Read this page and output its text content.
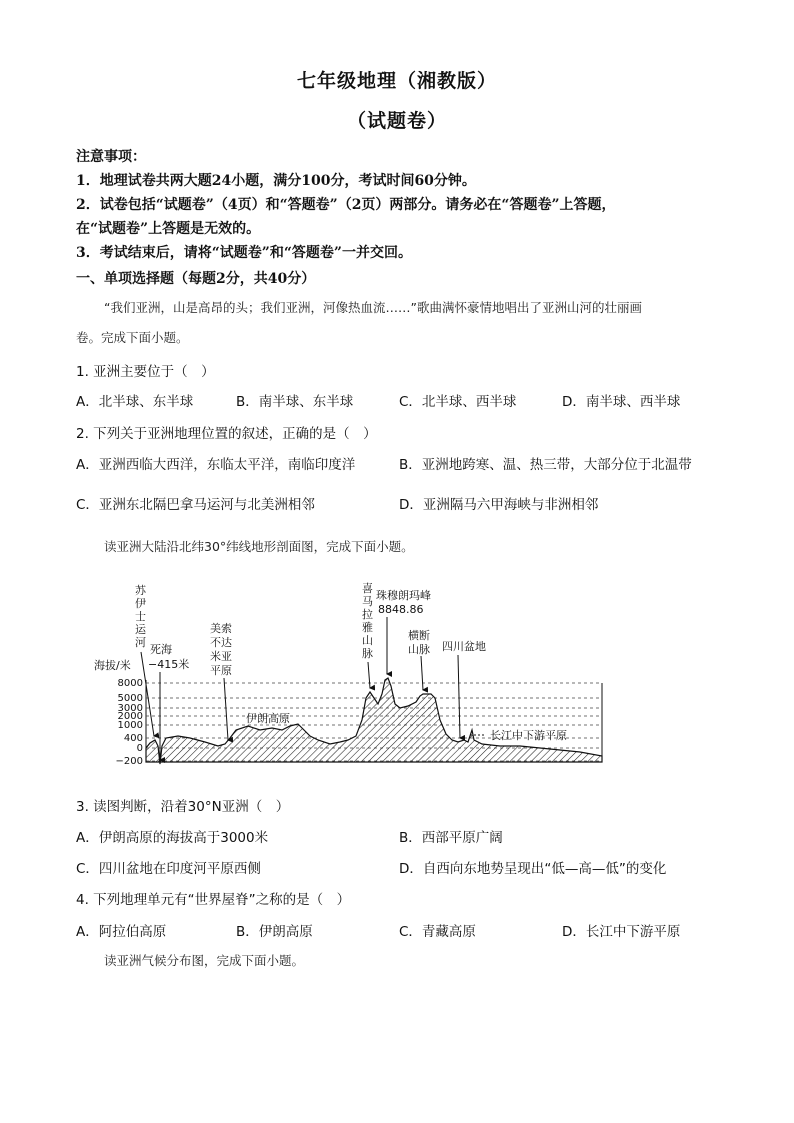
七年级地理（湘教版）
（试题卷）
注意事项：
1．地理试卷共两大题24小题，满分100分，考试时间60分钟。
2．试卷包括“试题卷”（4页）和“答题卷”（2页）两部分。请务必在“答题卷”上答题，
在“试题卷”上答题是无效的。
3．考试结束后，请将“试题卷”和“答题卷”一并交回。
一、单项选择题（每题2分，共40分）
“我们亚洲，山是高昂的头；我们亚洲，河像热血流……”歌曲满怀豪情地唱出了亚洲山河的壮丽画
卷。完成下面小题。
1. 亚洲主要位于（　）
A．北半球、东半球	B．南半球、东半球	C．北半球、西半球	D．南半球、西半球
2. 下列关于亚洲地理位置的叙述，正确的是（　）
A．亚洲西临大西洋，东临太平洋，南临印度洋	B．亚洲地跨寒、温、热三带，大部分位于北温带
C．亚洲东北隔巴拿马运河与北美洲相邻	D．亚洲隔马六甲海峡与非洲相邻
读亚洲大陆沿北纬30°纬线地形剖面图，完成下面小题。
8000
5000
3000
2000
1000
400
0
−200
海拔/米
苏
伊
士
运
河
死海
−415米
美索
不达
米亚
平原
伊朗高原
喜
马
拉
雅
山
脉
珠穆朗玛峰
8848.86
横断
山脉 四川盆地
长江中下游平原
3. 读图判断，沿着30°N亚洲（　）
A．伊朗高原的海拔高于3000米	B．西部平原广阔
C．四川盆地在印度河平原西侧	D．自西向东地势呈现出“低—高—低”的变化
4. 下列地理单元有“世界屋脊”之称的是（　）
A．阿拉伯高原	B．伊朗高原	C．青藏高原	D．长江中下游平原
读亚洲气候分布图，完成下面小题。
